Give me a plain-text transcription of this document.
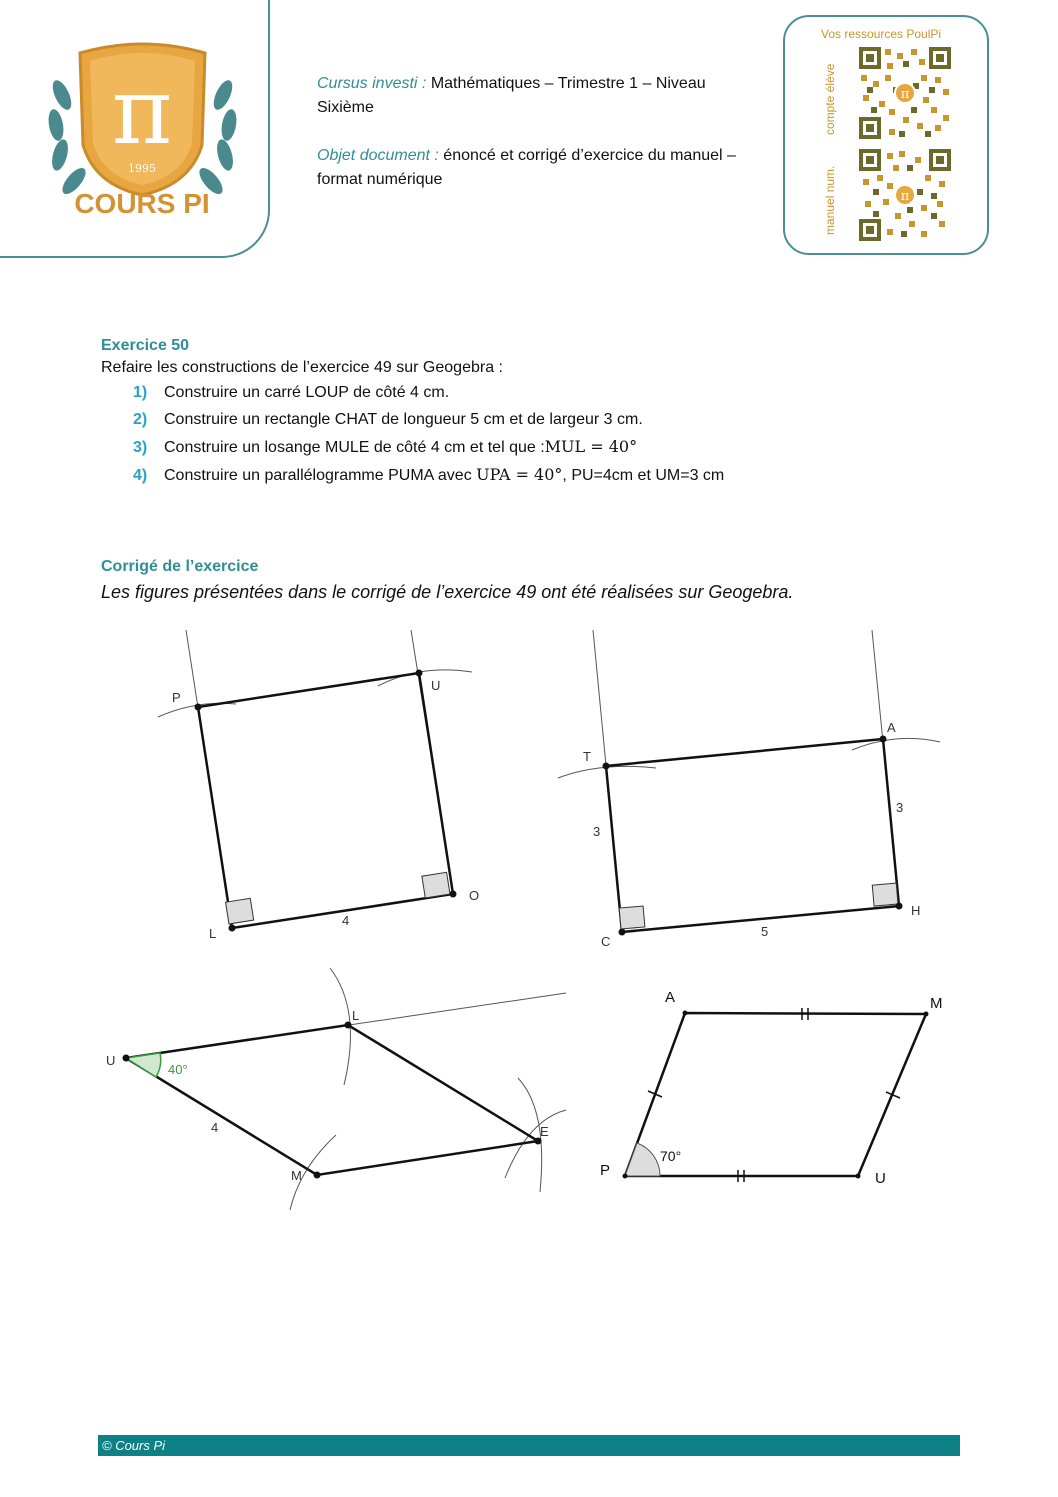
π
1995
COURS PI

Cursus investi : Mathématiques – Trimestre 1 – Niveau Sixième

Objet document : énoncé et corrigé d’exercice du manuel – format numérique

Vos ressources PoulPi
compte élève
manuel num.
π
π

Exercice 50

Refaire les constructions de l’exercice 49 sur Geogebra :

1) Construire un carré LOUP de côté 4 cm.
2) Construire un rectangle CHAT de longueur 5 cm et de largeur 3 cm.
3) Construire un losange MULE de côté 4 cm et tel que :MUL = 40°
4) Construire un parallélogramme PUMA avec UPA = 40°, PU=4cm et UM=3 cm

Corrigé de l’exercice

Les figures présentées dans le corrigé de l’exercice 49 ont été réalisées sur Geogebra.
P
U
O
L
4
T
A
C
H
3
3
5
U
L
E
M
4
40°
A	M
P	U
70°
© Cours Pi
